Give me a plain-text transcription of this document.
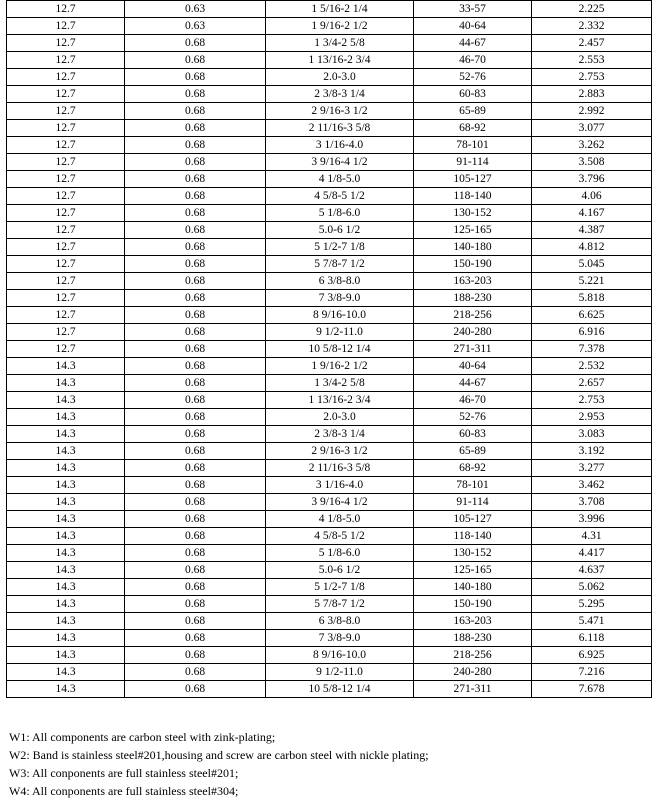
12.7	0.63	1 5/16-2 1/4	33-57	2.225
12.7	0.63	1 9/16-2 1/2	40-64	2.332
12.7	0.68	1 3/4-2 5/8	44-67	2.457
12.7	0.68	1 13/16-2 3/4	46-70	2.553
12.7	0.68	2.0-3.0	52-76	2.753
12.7	0.68	2 3/8-3 1/4	60-83	2.883
12.7	0.68	2 9/16-3 1/2	65-89	2.992
12.7	0.68	2 11/16-3 5/8	68-92	3.077
12.7	0.68	3 1/16-4.0	78-101	3.262
12.7	0.68	3 9/16-4 1/2	91-114	3.508
12.7	0.68	4 1/8-5.0	105-127	3.796
12.7	0.68	4 5/8-5 1/2	118-140	4.06
12.7	0.68	5 1/8-6.0	130-152	4.167
12.7	0.68	5.0-6 1/2	125-165	4.387
12.7	0.68	5 1/2-7 1/8	140-180	4.812
12.7	0.68	5 7/8-7 1/2	150-190	5.045
12.7	0.68	6 3/8-8.0	163-203	5.221
12.7	0.68	7 3/8-9.0	188-230	5.818
12.7	0.68	8 9/16-10.0	218-256	6.625
12.7	0.68	9 1/2-11.0	240-280	6.916
12.7	0.68	10 5/8-12 1/4	271-311	7.378
14.3	0.68	1 9/16-2 1/2	40-64	2.532
14.3	0.68	1 3/4-2 5/8	44-67	2.657
14.3	0.68	1 13/16-2 3/4	46-70	2.753
14.3	0.68	2.0-3.0	52-76	2.953
14.3	0.68	2 3/8-3 1/4	60-83	3.083
14.3	0.68	2 9/16-3 1/2	65-89	3.192
14.3	0.68	2 11/16-3 5/8	68-92	3.277
14.3	0.68	3 1/16-4.0	78-101	3.462
14.3	0.68	3 9/16-4 1/2	91-114	3.708
14.3	0.68	4 1/8-5.0	105-127	3.996
14.3	0.68	4 5/8-5 1/2	118-140	4.31
14.3	0.68	5 1/8-6.0	130-152	4.417
14.3	0.68	5.0-6 1/2	125-165	4.637
14.3	0.68	5 1/2-7 1/8	140-180	5.062
14.3	0.68	5 7/8-7 1/2	150-190	5.295
14.3	0.68	6 3/8-8.0	163-203	5.471
14.3	0.68	7 3/8-9.0	188-230	6.118
14.3	0.68	8 9/16-10.0	218-256	6.925
14.3	0.68	9 1/2-11.0	240-280	7.216
14.3	0.68	10 5/8-12 1/4	271-311	7.678
W1: All components are carbon steel with zink-plating;
W2: Band is stainless steel#201,housing and screw are carbon steel with nickle plating;
W3: All conponents are full stainless steel#201;
W4: All conponents are full stainless steel#304;
